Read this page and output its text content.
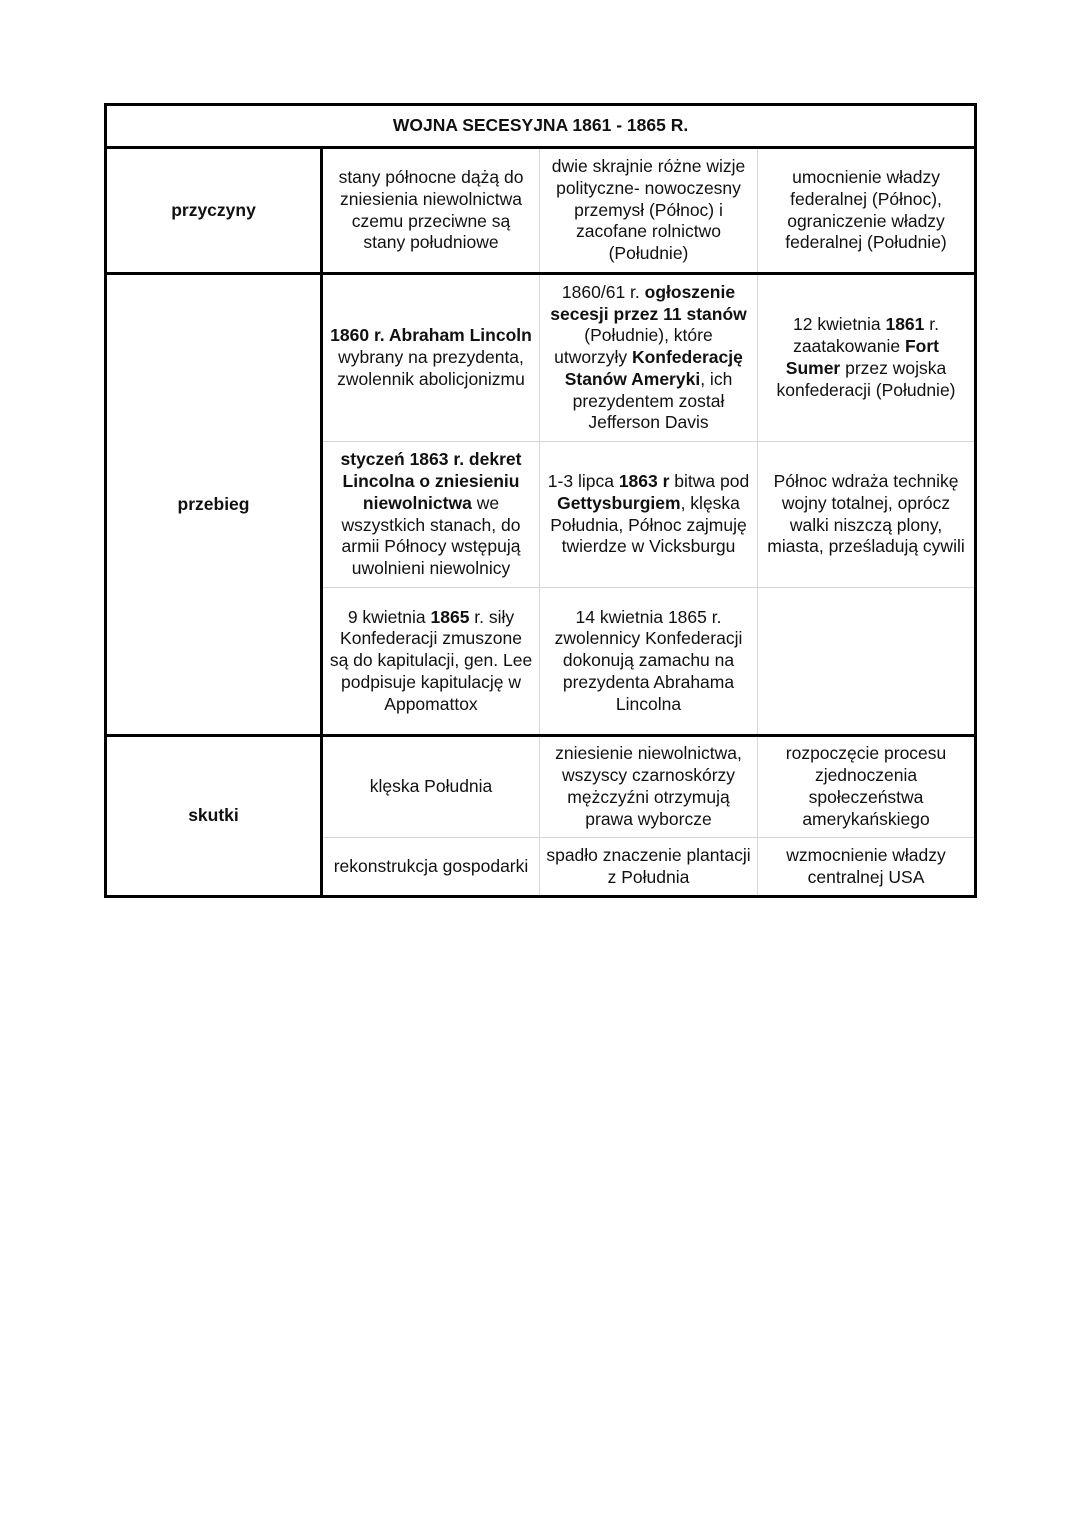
WOJNA SECESYJNA 1861 - 1865 R.			
przyczyny	stany północne dążą do zniesienia niewolnictwa czemu przeciwne są stany południowe	dwie skrajnie różne wizje polityczne- nowoczesny przemysł (Północ) i zacofane rolnictwo (Południe)	umocnienie władzy federalnej (Północ), ograniczenie władzy federalnej (Południe)
przebieg	1860 r. Abraham Lincoln wybrany na prezydenta, zwolennik abolicjonizmu	1860/61 r. ogłoszenie secesji przez 11 stanów (Południe), które utworzyły Konfederację Stanów Ameryki, ich prezydentem został Jefferson Davis	12 kwietnia 1861 r. zaatakowanie Fort Sumer przez wojska konfederacji (Południe)
	styczeń 1863 r. dekret Lincolna o zniesieniu niewolnictwa we wszystkich stanach, do armii Północy wstępują uwolnieni niewolnicy	1-3 lipca 1863 r bitwa pod Gettysburgiem, klęska Południa, Północ zajmuję twierdze w Vicksburgu	Północ wdraża technikę wojny totalnej, oprócz walki niszczą plony, miasta, prześladują cywili
	9 kwietnia 1865 r. siły Konfederacji zmuszone są do kapitulacji, gen. Lee podpisuje kapitulację w Appomattox	14 kwietnia 1865 r. zwolennicy Konfederacji dokonują zamachu na prezydenta Abrahama Lincolna	
skutki	klęska Południa	zniesienie niewolnictwa, wszyscy czarnoskórzy mężczyźni otrzymują prawa wyborcze	rozpoczęcie procesu zjednoczenia społeczeństwa amerykańskiego
	rekonstrukcja gospodarki	spadło znaczenie plantacji z Południa	wzmocnienie władzy centralnej USA
